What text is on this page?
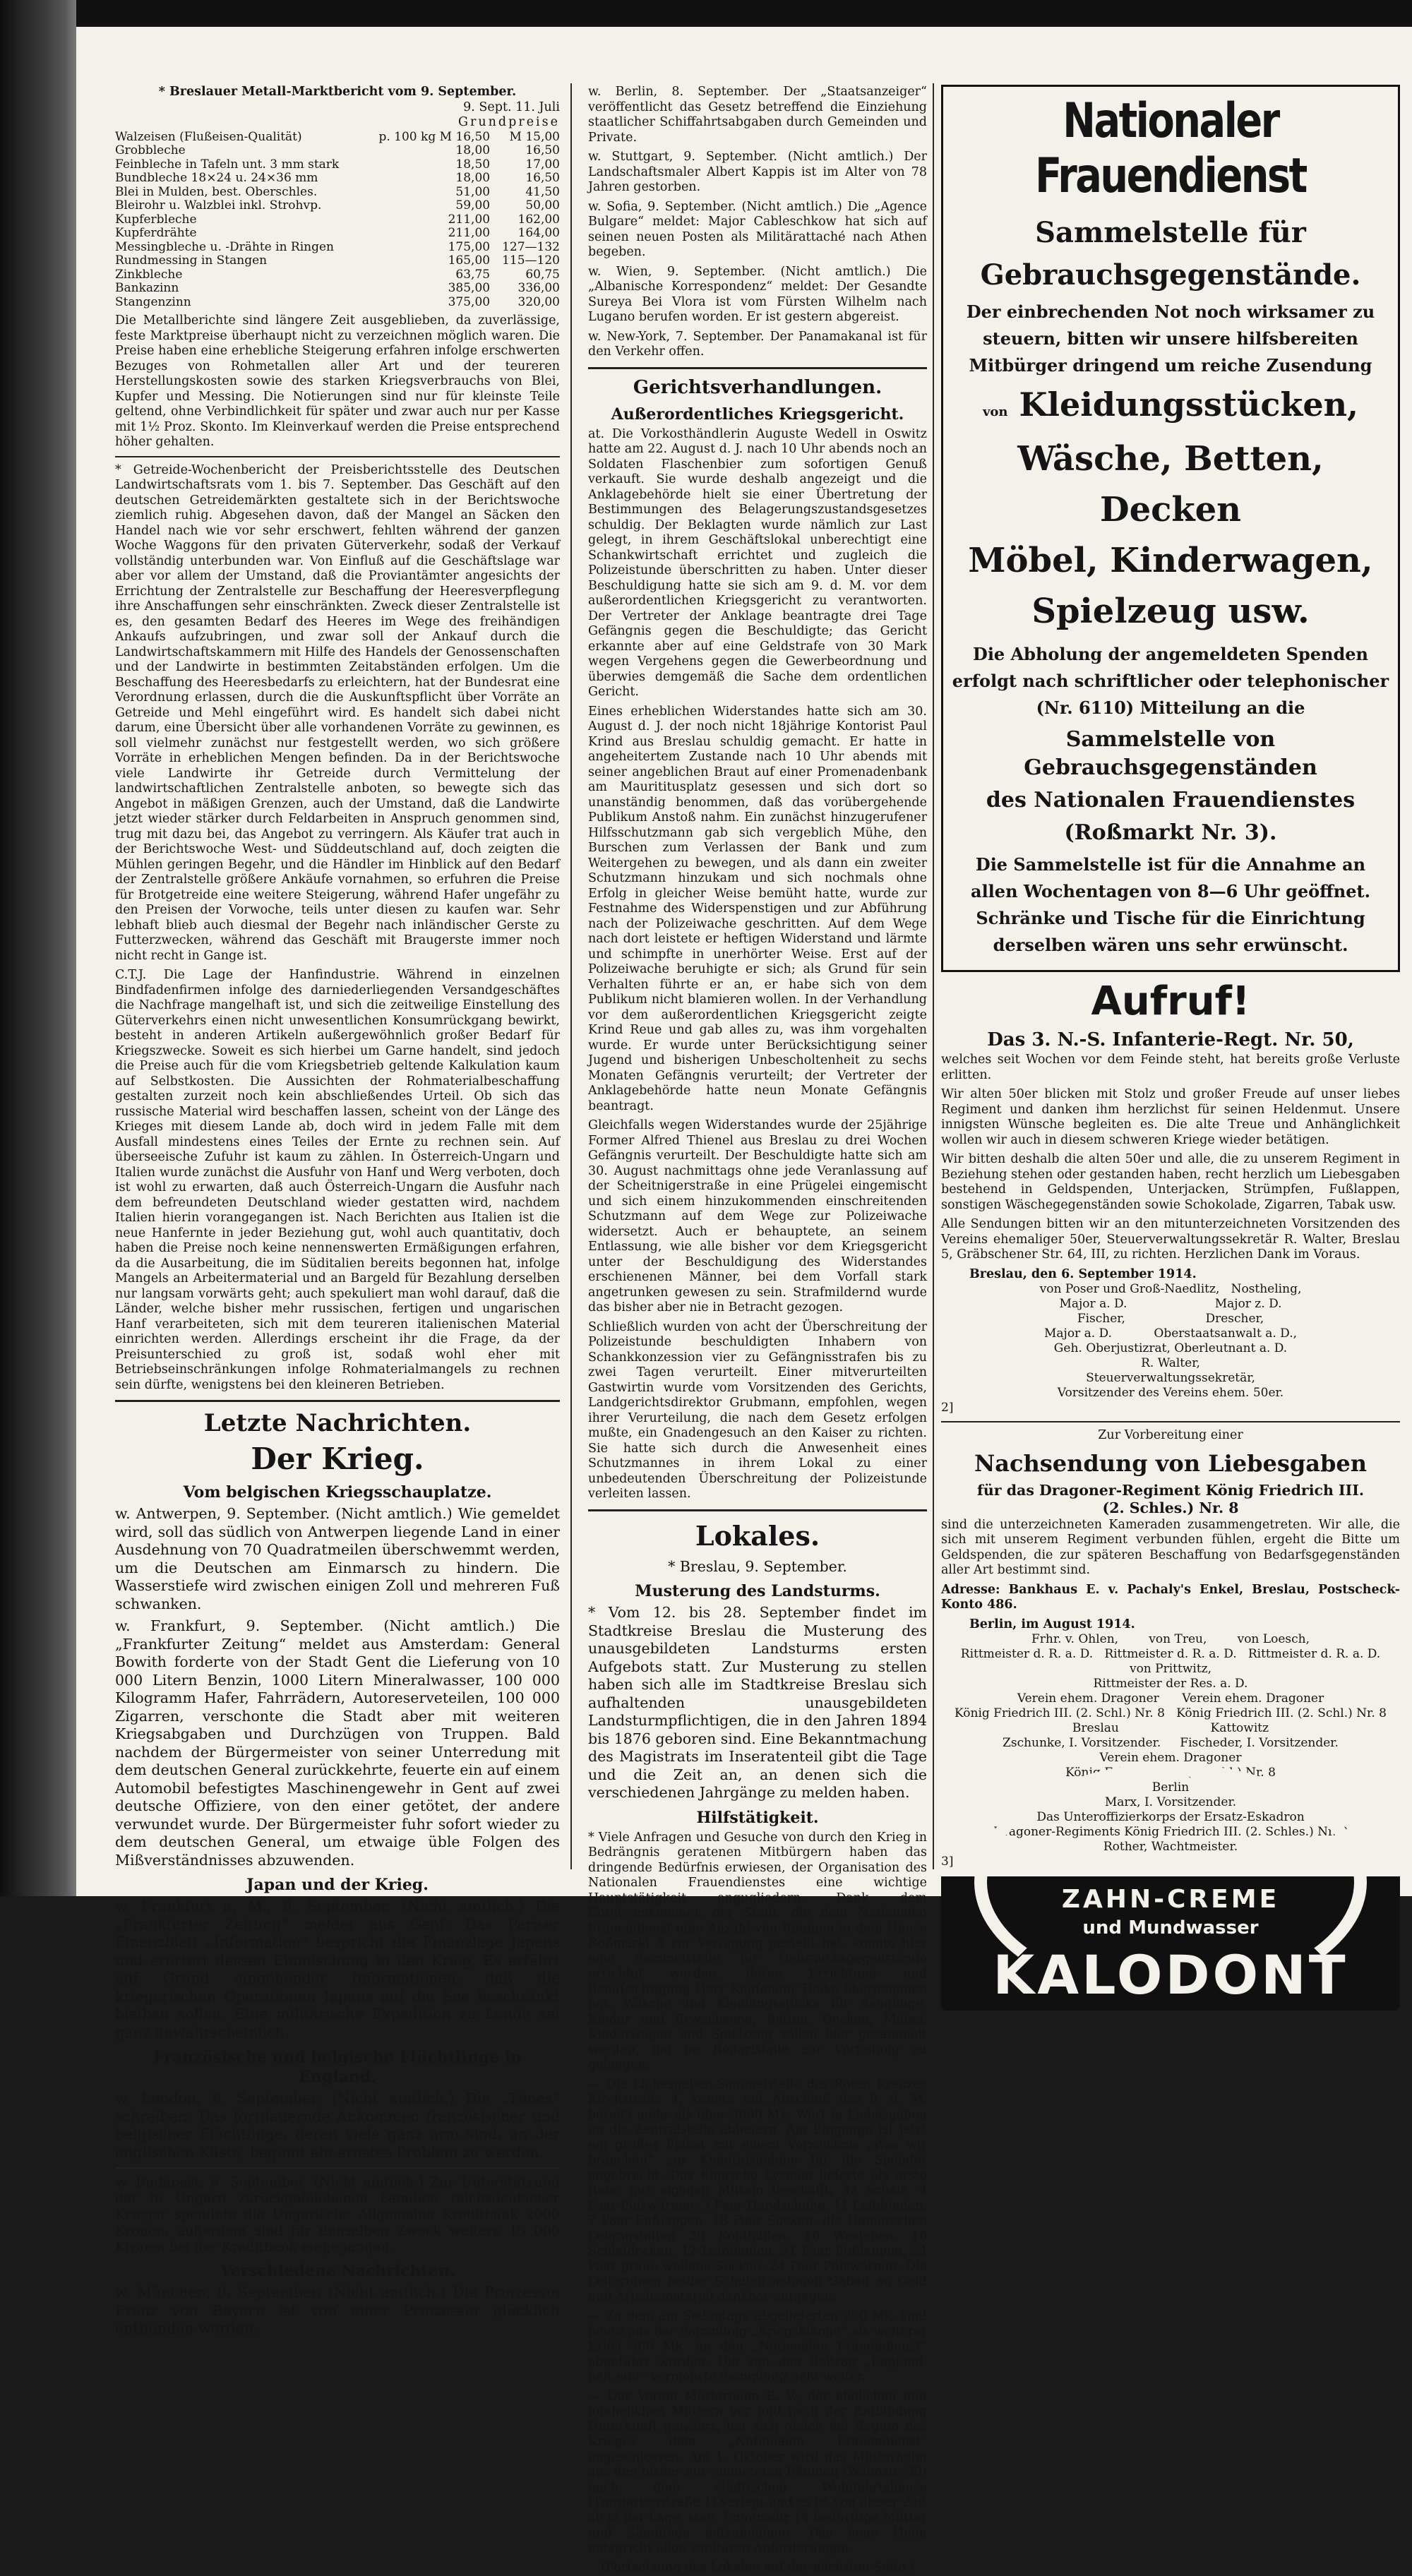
* Breslauer Metall-Marktbericht vom 9. September.
9. Sept. 11. Juli
Grundpreise
Walzeisen (Flußeisen-Qualität)	p. 100 kg M 16,50	M 15,00
Grobbleche	18,00	16,50
Feinbleche in Tafeln unt. 3 mm stark	18,50	17,00
Bundbleche 18×24 u. 24×36 mm	18,00	16,50
Blei in Mulden, best. Oberschles.	51,00	41,50
Bleirohr u. Walzblei inkl. Strohvp.	59,00	50,00
Kupferbleche	211,00	162,00
Kupferdrähte	211,00	164,00
Messingbleche u. -Drähte in Ringen	175,00	127—132
Rundmessing in Stangen	165,00	115—120
Zinkbleche	63,75	60,75
Bankazinn	385,00	336,00
Stangenzinn	375,00	320,00

Die Metallberichte sind längere Zeit ausgeblieben, da zuverlässige, feste Marktpreise überhaupt nicht zu verzeichnen möglich waren. Die Preise haben eine erhebliche Steigerung erfahren infolge erschwerten Bezuges von Rohmetallen aller Art und der teureren Herstellungskosten sowie des starken Kriegsverbrauchs von Blei, Kupfer und Messing. Die Notierungen sind nur für kleinste Teile geltend, ohne Verbindlichkeit für später und zwar auch nur per Kasse mit 1½ Proz. Skonto. Im Kleinverkauf werden die Preise entsprechend höher gehalten.

* Getreide-Wochenbericht der Preisberichtsstelle des Deutschen Landwirtschaftsrats vom 1. bis 7. September. Das Geschäft auf den deutschen Getreidemärkten gestaltete sich in der Berichtswoche ziemlich ruhig. Abgesehen davon, daß der Mangel an Säcken den Handel nach wie vor sehr erschwert, fehlten während der ganzen Woche Waggons für den privaten Güterverkehr, sodaß der Verkauf vollständig unterbunden war. Von Einfluß auf die Geschäftslage war aber vor allem der Umstand, daß die Proviantämter angesichts der Errichtung der Zentralstelle zur Beschaffung der Heeresverpflegung ihre Anschaffungen sehr einschränkten. Zweck dieser Zentralstelle ist es, den gesamten Bedarf des Heeres im Wege des freihändigen Ankaufs aufzubringen, und zwar soll der Ankauf durch die Landwirtschaftskammern mit Hilfe des Handels der Genossenschaften und der Landwirte in bestimmten Zeitabständen erfolgen. Um die Beschaffung des Heeresbedarfs zu erleichtern, hat der Bundesrat eine Verordnung erlassen, durch die die Auskunftspflicht über Vorräte an Getreide und Mehl eingeführt wird. Es handelt sich dabei nicht darum, eine Übersicht über alle vorhandenen Vorräte zu gewinnen, es soll vielmehr zunächst nur festgestellt werden, wo sich größere Vorräte in erheblichen Mengen befinden. Da in der Berichtswoche viele Landwirte ihr Getreide durch Vermittelung der landwirtschaftlichen Zentralstelle anboten, so bewegte sich das Angebot in mäßigen Grenzen, auch der Umstand, daß die Landwirte jetzt wieder stärker durch Feldarbeiten in Anspruch genommen sind, trug mit dazu bei, das Angebot zu verringern. Als Käufer trat auch in der Berichtswoche West- und Süddeutschland auf, doch zeigten die Mühlen geringen Begehr, und die Händler im Hinblick auf den Bedarf der Zentralstelle größere Ankäufe vornahmen, so erfuhren die Preise für Brotgetreide eine weitere Steigerung, während Hafer ungefähr zu den Preisen der Vorwoche, teils unter diesen zu kaufen war. Sehr lebhaft blieb auch diesmal der Begehr nach inländischer Gerste zu Futterzwecken, während das Geschäft mit Braugerste immer noch nicht recht in Gange ist.

C.T.J. Die Lage der Hanfindustrie. Während in einzelnen Bindfadenfirmen infolge des darniederliegenden Versandgeschäftes die Nachfrage mangelhaft ist, und sich die zeitweilige Einstellung des Güterverkehrs einen nicht unwesentlichen Konsumrückgang bewirkt, besteht in anderen Artikeln außergewöhnlich großer Bedarf für Kriegszwecke. Soweit es sich hierbei um Garne handelt, sind jedoch die Preise auch für die vom Kriegsbetrieb geltende Kalkulation kaum auf Selbstkosten. Die Aussichten der Rohmaterialbeschaffung gestalten zurzeit noch kein abschließendes Urteil. Ob sich das russische Material wird beschaffen lassen, scheint von der Länge des Krieges mit diesem Lande ab, doch wird in jedem Falle mit dem Ausfall mindestens eines Teiles der Ernte zu rechnen sein. Auf überseeische Zufuhr ist kaum zu zählen. In Österreich-Ungarn und Italien wurde zunächst die Ausfuhr von Hanf und Werg verboten, doch ist wohl zu erwarten, daß auch Österreich-Ungarn die Ausfuhr nach dem befreundeten Deutschland wieder gestatten wird, nachdem Italien hierin vorangegangen ist. Nach Berichten aus Italien ist die neue Hanfernte in jeder Beziehung gut, wohl auch quantitativ, doch haben die Preise noch keine nennenswerten Ermäßigungen erfahren, da die Ausarbeitung, die im Süditalien bereits begonnen hat, infolge Mangels an Arbeitermaterial und an Bargeld für Bezahlung derselben nur langsam vorwärts geht; auch spekuliert man wohl darauf, daß die Länder, welche bisher mehr russischen, fertigen und ungarischen Hanf verarbeiteten, sich mit dem teureren italienischen Material einrichten werden. Allerdings erscheint ihr die Frage, da der Preisunterschied zu groß ist, sodaß wohl eher mit Betriebseinschränkungen infolge Rohmaterialmangels zu rechnen sein dürfte, wenigstens bei den kleineren Betrieben.

Letzte Nachrichten.
Der Krieg.
Vom belgischen Kriegsschauplatze.

w. Antwerpen, 9. September. (Nicht amtlich.) Wie gemeldet wird, soll das südlich von Antwerpen liegende Land in einer Ausdehnung von 70 Quadratmeilen überschwemmt werden, um die Deutschen am Einmarsch zu hindern. Die Wasserstiefe wird zwischen einigen Zoll und mehreren Fuß schwanken.

w. Frankfurt, 9. September. (Nicht amtlich.) Die „Frankfurter Zeitung“ meldet aus Amsterdam: General Bowith forderte von der Stadt Gent die Lieferung von 10 000 Litern Benzin, 1000 Litern Mineralwasser, 100 000 Kilogramm Hafer, Fahrrädern, Autoreserveteilen, 100 000 Zigarren, verschonte die Stadt aber mit weiteren Kriegsabgaben und Durchzügen von Truppen. Bald nachdem der Bürgermeister von seiner Unterredung mit dem deutschen General zurückkehrte, feuerte ein auf einem Automobil befestigtes Maschinengewehr in Gent auf zwei deutsche Offiziere, von den einer getötet, der andere verwundet wurde. Der Bürgermeister fuhr sofort wieder zu dem deutschen General, um etwaige üble Folgen des Mißverständnisses abzuwenden.

Japan und der Krieg.

w. Frankfurt a. M., 9. September. (Nicht amtlich.) Die „Frankfurter Zeitung“ meldet aus Genf: Das Pariser Finanzblatt „Information“ bespricht die Finanzlage Japans und erörtert dessen Einmischung in den Krieg. Es erfährt auf Grund eingehender Informationen, daß die kriegerischen Operationen Japans auf die See beschränkt bleiben sollen. Eine militärische Expedition zu Lande sei ganz unwahrscheinlich.

Französische und belgische Flüchtlinge in England.

w. London, 8. September. (Nicht amtlich.) Die „Times“ schreiben: Das fortdauernde Ankommen französischer und belgischer Flüchtlinge, deren viele ganz arm sind, an der englischen Küste, beginnt ein ernstes Problem zu werden.

w. Budapest, 9. September. (Nicht amtlich.) Zur Unterstützung der in Ungarn zurückgebliebenen Familien reichsdeutscher Krieger spendete die Ungarische Allgemeine Kreditbank 2000 Kronen, außerdem sind für denselben Zweck weitere 15 000 Kronen bei der Kreditbank eingegangen.

Verschiedene Nachrichten.

w. München, 9. September. (Nicht amtlich.) Die Prinzessin Franz von Bayern ist von einer Prinzessin glücklich entbunden worden.

w. Berlin, 8. September. Der „Staatsanzeiger“ veröffentlicht das Gesetz betreffend die Einziehung staatlicher Schiffahrtsabgaben durch Gemeinden und Private.

w. Stuttgart, 9. September. (Nicht amtlich.) Der Landschaftsmaler Albert Kappis ist im Alter von 78 Jahren gestorben.

w. Sofia, 9. September. (Nicht amtlich.) Die „Agence Bulgare“ meldet: Major Cableschkow hat sich auf seinen neuen Posten als Militärattaché nach Athen begeben.

w. Wien, 9. September. (Nicht amtlich.) Die „Albanische Korrespondenz“ meldet: Der Gesandte Sureya Bei Vlora ist vom Fürsten Wilhelm nach Lugano berufen worden. Er ist gestern abgereist.

w. New-York, 7. September. Der Panamakanal ist für den Verkehr offen.

Gerichtsverhandlungen.
Außerordentliches Kriegsgericht.

at. Die Vorkosthändlerin Auguste Wedell in Oswitz hatte am 22. August d. J. nach 10 Uhr abends noch an Soldaten Flaschenbier zum sofortigen Genuß verkauft. Sie wurde deshalb angezeigt und die Anklagebehörde hielt sie einer Übertretung der Bestimmungen des Belagerungszustandsgesetzes schuldig. Der Beklagten wurde nämlich zur Last gelegt, in ihrem Geschäftslokal unberechtigt eine Schankwirtschaft errichtet und zugleich die Polizeistunde überschritten zu haben. Unter dieser Beschuldigung hatte sie sich am 9. d. M. vor dem außerordentlichen Kriegsgericht zu verantworten. Der Vertreter der Anklage beantragte drei Tage Gefängnis gegen die Beschuldigte; das Gericht erkannte aber auf eine Geldstrafe von 30 Mark wegen Vergehens gegen die Gewerbeordnung und überwies demgemäß die Sache dem ordentlichen Gericht.

Eines erheblichen Widerstandes hatte sich am 30. August d. J. der noch nicht 18jährige Kontorist Paul Krind aus Breslau schuldig gemacht. Er hatte in angeheitertem Zustande nach 10 Uhr abends mit seiner angeblichen Braut auf einer Promenadenbank am Maurititusplatz gesessen und sich dort so unanständig benommen, daß das vorübergehende Publikum Anstoß nahm. Ein zunächst hinzugerufener Hilfsschutzmann gab sich vergeblich Mühe, den Burschen zum Verlassen der Bank und zum Weitergehen zu bewegen, und als dann ein zweiter Schutzmann hinzukam und sich nochmals ohne Erfolg in gleicher Weise bemüht hatte, wurde zur Festnahme des Widerspenstigen und zur Abführung nach der Polizeiwache geschritten. Auf dem Wege nach dort leistete er heftigen Widerstand und lärmte und schimpfte in unerhörter Weise. Erst auf der Polizeiwache beruhigte er sich; als Grund für sein Verhalten führte er an, er habe sich von dem Publikum nicht blamieren wollen. In der Verhandlung vor dem außerordentlichen Kriegsgericht zeigte Krind Reue und gab alles zu, was ihm vorgehalten wurde. Er wurde unter Berücksichtigung seiner Jugend und bisherigen Unbescholtenheit zu sechs Monaten Gefängnis verurteilt; der Vertreter der Anklagebehörde hatte neun Monate Gefängnis beantragt.

Gleichfalls wegen Widerstandes wurde der 25jährige Former Alfred Thienel aus Breslau zu drei Wochen Gefängnis verurteilt. Der Beschuldigte hatte sich am 30. August nachmittags ohne jede Veranlassung auf der Scheitnigerstraße in eine Prügelei eingemischt und sich einem hinzukommenden einschreitenden Schutzmann auf dem Wege zur Polizeiwache widersetzt. Auch er behauptete, an seinem Entlassung, wie alle bisher vor dem Kriegsgericht unter der Beschuldigung des Widerstandes erschienenen Männer, bei dem Vorfall stark angetrunken gewesen zu sein. Strafmildernd wurde das bisher aber nie in Betracht gezogen.

Schließlich wurden von acht der Überschreitung der Polizeistunde beschuldigten Inhabern von Schankkonzession vier zu Gefängnisstrafen bis zu zwei Tagen verurteilt. Einer mitverurteilten Gastwirtin wurde vom Vorsitzenden des Gerichts, Landgerichtsdirektor Grubmann, empfohlen, wegen ihrer Verurteilung, die nach dem Gesetz erfolgen mußte, ein Gnadengesuch an den Kaiser zu richten. Sie hatte sich durch die Anwesenheit eines Schutzmannes in ihrem Lokal zu einer unbedeutenden Überschreitung der Polizeistunde verleiten lassen.

Lokales.
* Breslau, 9. September.
Musterung des Landsturms.

* Vom 12. bis 28. September findet im Stadtkreise Breslau die Musterung des unausgebildeten Landsturms ersten Aufgebots statt. Zur Musterung zu stellen haben sich alle im Stadtkreise Breslau sich aufhaltenden unausgebildeten Landsturmpflichtigen, die in den Jahren 1894 bis 1876 geboren sind. Eine Bekanntmachung des Magistrats im Inseratenteil gibt die Tage und die Zeit an, an denen sich die verschiedenen Jahrgänge zu melden haben.

Hilfstätigkeit.

* Viele Anfragen und Gesuche von durch den Krieg in Bedrängnis geratenen Mitbürgern haben das dringende Bedürfnis erwiesen, der Organisation des Nationalen Frauendienstes eine wichtige Hauptstätigkeit angugliedern. Dank dem Entgegenkommen der Stadt, die dem Nationalen Frauendienst eine Anzahl von Räumen in dem Hause Roßmarkt 3 zur Verfügung gestellt hat, konnte hier eine Sammelstelle für Gebrauchsgegenstände errichtet werden, deren Errichtung und Beaufsichtigung Herr Kaufmann Thake übernommen hat. Wäsche und Kleidungsstücke für Säuglinge, Kinder und Erwachsene, Betten, Decken, Möbel, Kinderwagen und Spielzeug sollen hier gesammelt werden, um im Bedarfsfalle zur Verteilung zu gelangen.

— Die Liebesgaben-Sammelstelle des Roten Kreuzes Kirchstraße 4, konnte mit Abschluß des 8. d. M. bereits mehr als über 3000 Mk. Wert in Liebesgaben an die Zentralstelle abliefern. Am Eingange ist jetzt ein großes Plakat mit einem Verzeichnis „Was wir brauchen“ zur Kenntnisnahme für die Spender angebracht. Das Kingsche Lyzeum lieferte als erste Rate, aus eigenen Mitteln beschafft, 32 Schals, 4 Paar Pulswärmer, 3 Paar Handschuhe, 11 Leibbinden, 7 Paar Fußlappen, 18 Paar Socken; die Hamerschen Lehranstalten 20 Kopfhüllen, 10 Westchen, 10 Schlafdecken, 12 Leibbinden, 21 Paar Fußlappen, 24 Paar graue wollene Socken, 24 Paar Pulswärmer. Die Leiterinnen beider Schulen nehmen Gaben an Geld und Arbeitsmaterial dankbar entgegen.

— Zu dem am Sedantage abgelieferten 200 Mk. sind heute aus der Sammlung „Kriegsklänge“ als weiterer Erlös 300 Mk. an den „Nationalen Frauendienst“ abgeführt worden. Die von den Beitrag „England, halt ein!“ vermehrte Sammlung geht weiter.

— Der Verein Mütterheim E. V., der ehelichen und unehelichen Müttern vor und nach der Entbindung Unterkunft gewährt, hat sich gleich bei Beginn des Krieges dem „Nationalen Frauendienst“ angeschlossen. Am 1. Oktober wird das Mütterheim aus den bisher nur gemieteten Räumen (Wahnstr. 50) nach dem städtischen Wohlfahrtshause (Tiergartenstraße 1) verlegt und es ist von dieser Zeit ab in der Lage, statt 7 nunmehr 14 bedürftige Mütter und Säuglinge aufzunehmen. Das neue Heim entspricht allen sanitären Anforderungen.

(Fortsetzung des Lokalen auf der nächsten Seite.)
Nationaler Frauendienst
Sammelstelle für
Gebrauchsgegenstände.
Der einbrechenden Not noch wirksamer zu steuern, bitten wir unsere hilfsbereiten Mitbürger dringend um reiche Zusendung
von Kleidungsstücken,
Wäsche, Betten, Decken
Möbel, Kinderwagen,
Spielzeug usw.
Die Abholung der angemeldeten Spenden erfolgt nach schriftlicher oder telephonischer (Nr. 6110) Mitteilung an die
Sammelstelle von Gebrauchsgegenständen
des Nationalen Frauendienstes
(Roßmarkt Nr. 3).
Die Sammelstelle ist für die Annahme an allen Wochentagen von 8—6 Uhr geöffnet. Schränke und Tische für die Einrichtung derselben wären uns sehr erwünscht.
Aufruf!
Das 3. N.-S. Infanterie-Regt. Nr. 50,

welches seit Wochen vor dem Feinde steht, hat bereits große Verluste erlitten.

Wir alten 50er blicken mit Stolz und großer Freude auf unser liebes Regiment und danken ihm herzlichst für seinen Heldenmut. Unsere innigsten Wünsche begleiten es. Die alte Treue und Anhänglichkeit wollen wir auch in diesem schweren Kriege wieder betätigen.

Wir bitten deshalb die alten 50er und alle, die zu unserem Regiment in Beziehung stehen oder gestanden haben, recht herzlich um Liebesgaben bestehend in Geldspenden, Unterjacken, Strümpfen, Fußlappen, sonstigen Wäschegegenständen sowie Schokolade, Zigarren, Tabak usw.

Alle Sendungen bitten wir an den mitunterzeichneten Vorsitzenden des Vereins ehemaliger 50er, Steuerverwaltungssekretär R. Walter, Breslau 5, Gräbschener Str. 64, III, zu richten. Herzlichen Dank im Voraus.

Breslau, den 6. September 1914.
von Poser und Groß-Naedlitz,   Nostheling,
Major a. D.                       Major z. D.
Fischer,                     Drescher,
Major a. D.           Oberstaatsanwalt a. D.,
Geh. Oberjustizrat, Oberleutnant a. D.
R. Walter,
Steuerverwaltungssekretär,
Vorsitzender des Vereins ehem. 50er.
2]
Zur Vorbereitung einer
Nachsendung von Liebesgaben
für das Dragoner-Regiment König Friedrich III.
(2. Schles.) Nr. 8

sind die unterzeichneten Kameraden zusammengetreten. Wir alle, die sich mit unserem Regiment verbunden fühlen, ergeht die Bitte um Geldspenden, die zur späteren Beschaffung von Bedarfsgegenständen aller Art bestimmt sind.

Adresse: Bankhaus E. v. Pachaly's Enkel, Breslau, Postscheck-Konto 486.

Berlin, im August 1914.
Frhr. v. Ohlen,        von Treu,        von Loesch,
Rittmeister d. R. a. D.   Rittmeister d. R. a. D.   Rittmeister d. R. a. D.
von Prittwitz,
Rittmeister der Res. a. D.
Verein ehem. Dragoner      Verein ehem. Dragoner
König Friedrich III. (2. Schl.) Nr. 8   König Friedrich III. (2. Schl.) Nr. 8
Breslau                        Kattowitz
Zschunke, I. Vorsitzender.     Fischeder, I. Vorsitzender.
Verein ehem. Dragoner
König Friedrich III. (2. Schl.) Nr. 8
Berlin
Marx, I. Vorsitzender.
Das Unteroffizierkorps der Ersatz-Eskadron
Dragoner-Regiments König Friedrich III. (2. Schles.) Nr. 8
Rother, Wachtmeister.
3]
ZAHN-CREME
und Mundwasser
KALODONT
